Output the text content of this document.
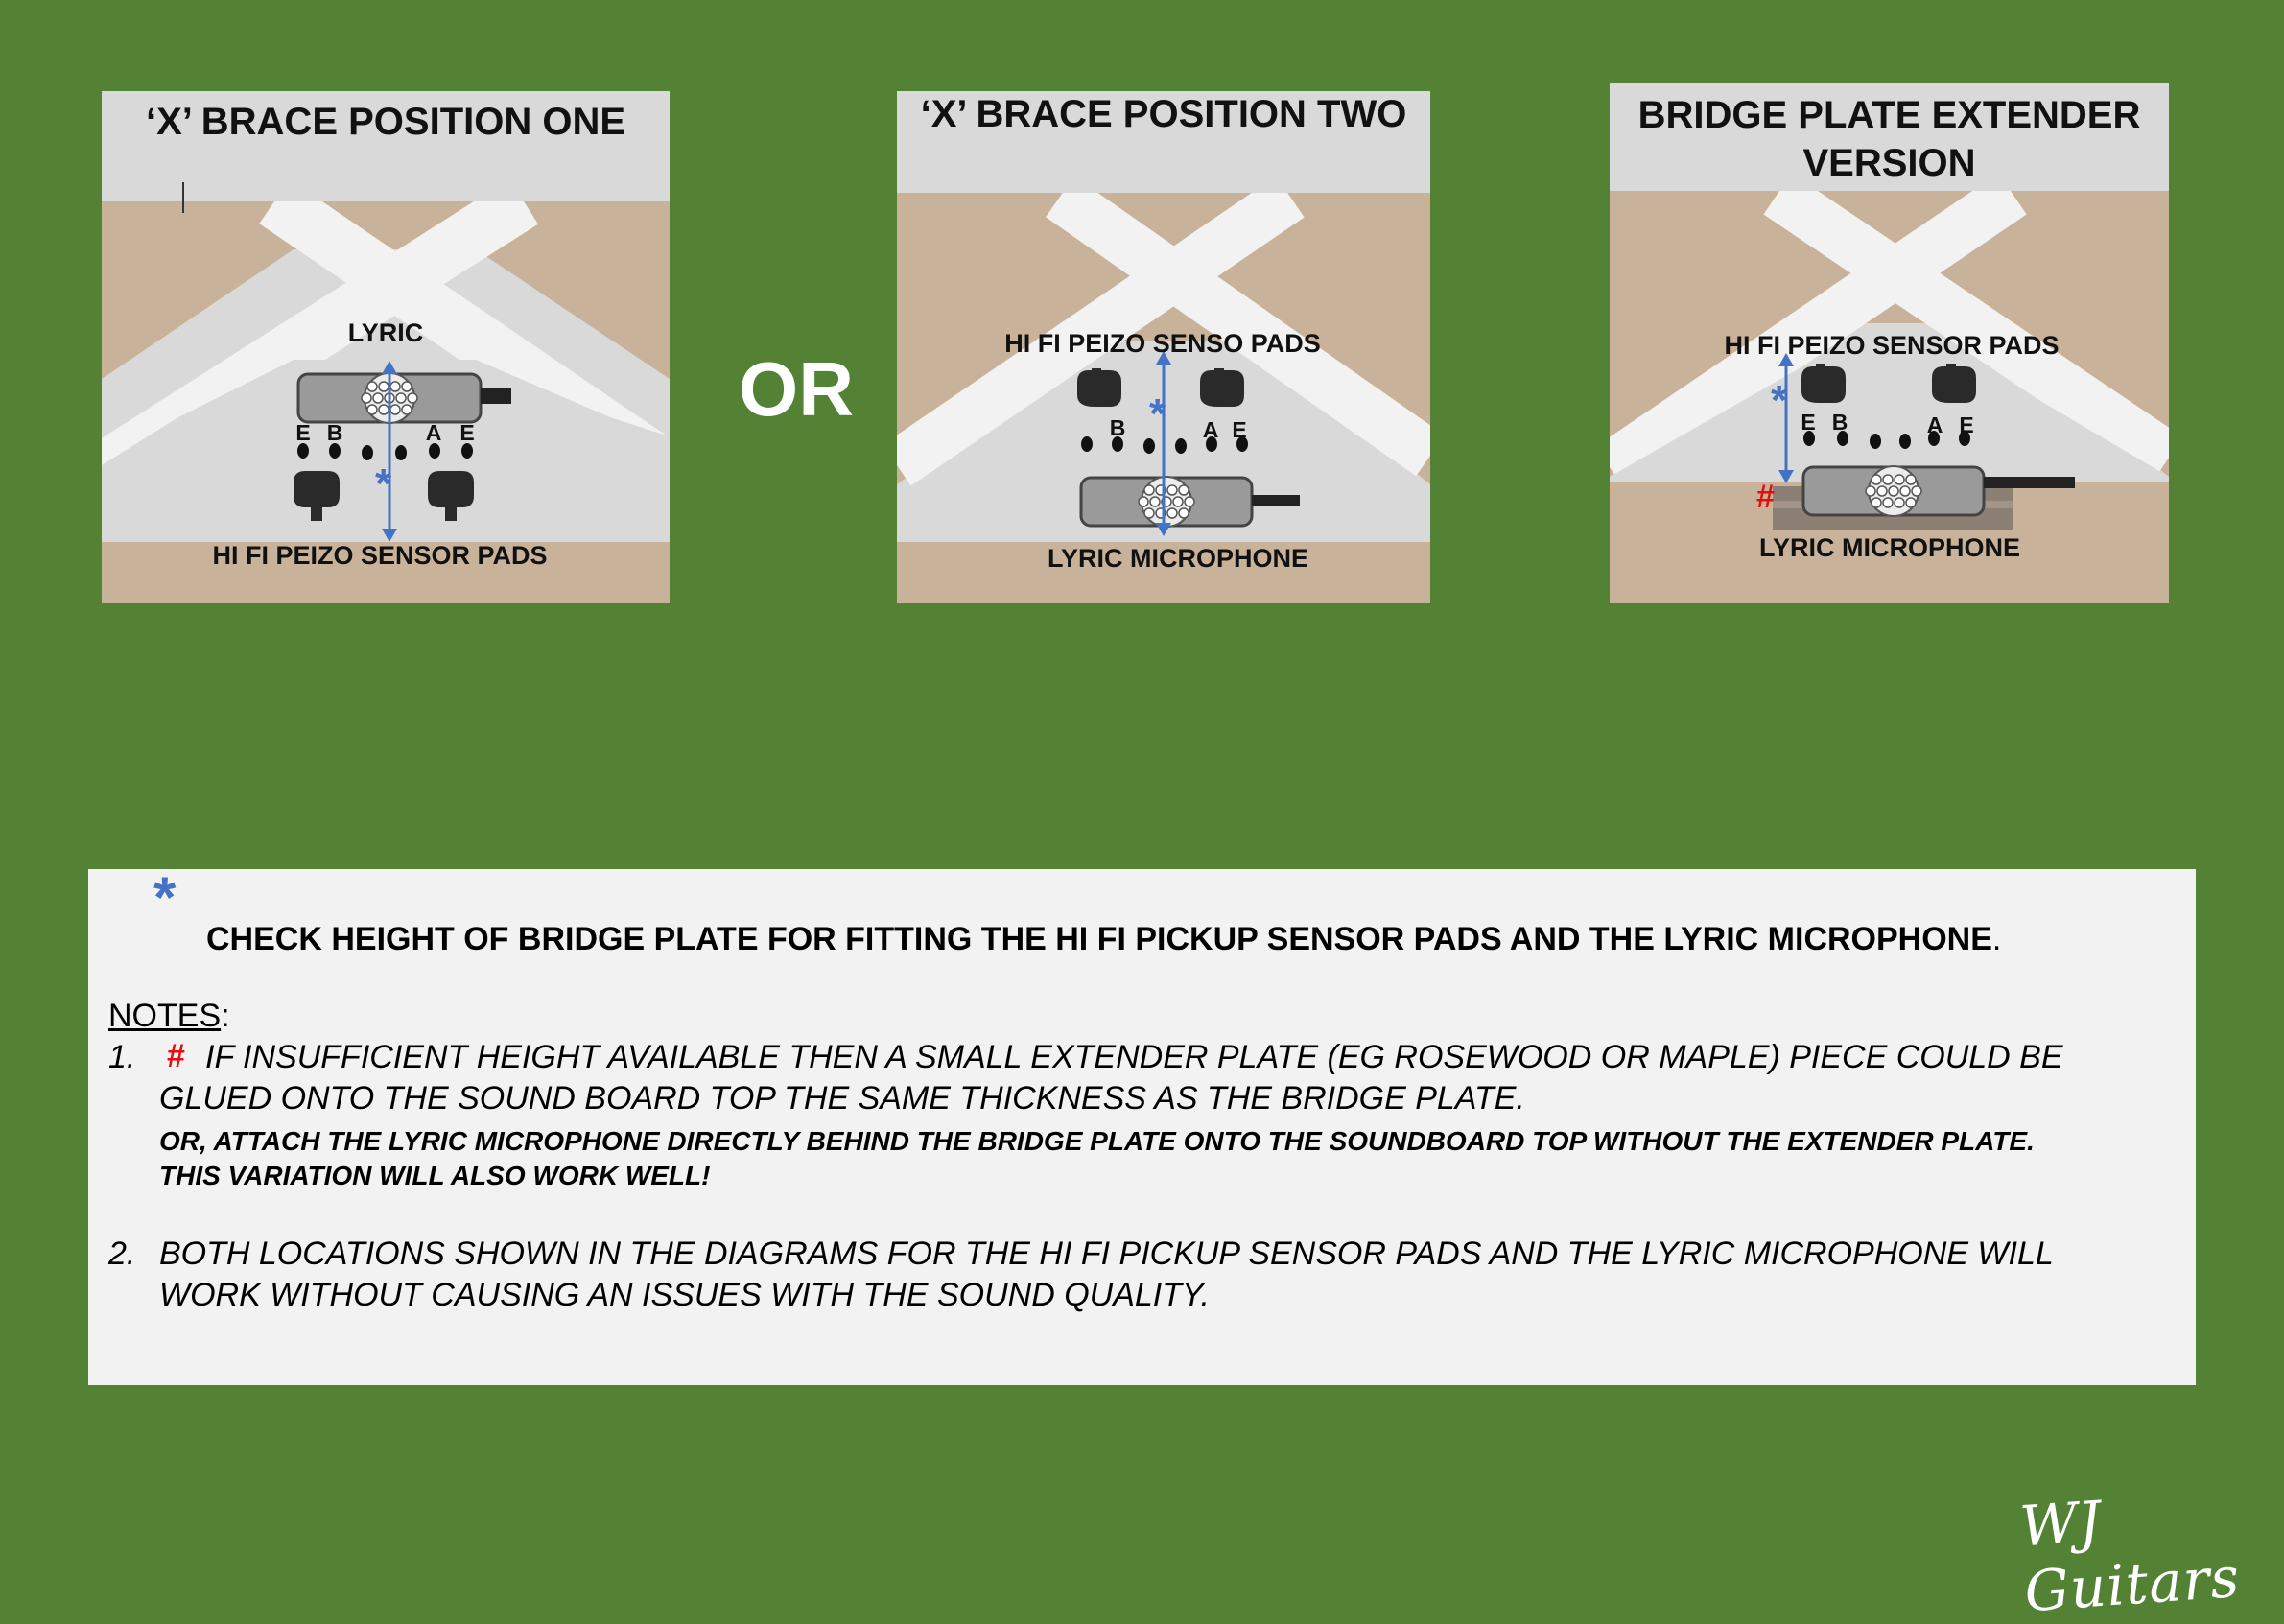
‘X’ BRACE POSITION ONE
LYRIC
E B	A E
*
HI FI PEIZO SENSOR PADS
OR
‘X’ BRACE POSITION TWO
HI FI PEIZO SENSO PADS
B	A E
*
LYRIC MICROPHONE
BRIDGE PLATE EXTENDER
VERSION
HI FI PEIZO SENSOR PADS
* E B	A E
#
LYRIC MICROPHONE
*
CHECK HEIGHT OF BRIDGE PLATE FOR FITTING THE HI FI PICKUP SENSOR PADS AND THE LYRIC MICROPHONE.
NOTES:
1. # IF INSUFFICIENT HEIGHT AVAILABLE THEN A SMALL EXTENDER PLATE (EG ROSEWOOD OR MAPLE) PIECE COULD BE
GLUED ONTO THE SOUND BOARD TOP THE SAME THICKNESS AS THE BRIDGE PLATE.
OR, ATTACH THE LYRIC MICROPHONE DIRECTLY BEHIND THE BRIDGE PLATE ONTO THE SOUNDBOARD TOP WITHOUT THE EXTENDER PLATE.
THIS VARIATION WILL ALSO WORK WELL!
2. BOTH LOCATIONS SHOWN IN THE DIAGRAMS FOR THE HI FI PICKUP SENSOR PADS AND THE LYRIC MICROPHONE WILL
WORK WITHOUT CAUSING AN ISSUES WITH THE SOUND QUALITY.
WJ Guitars
